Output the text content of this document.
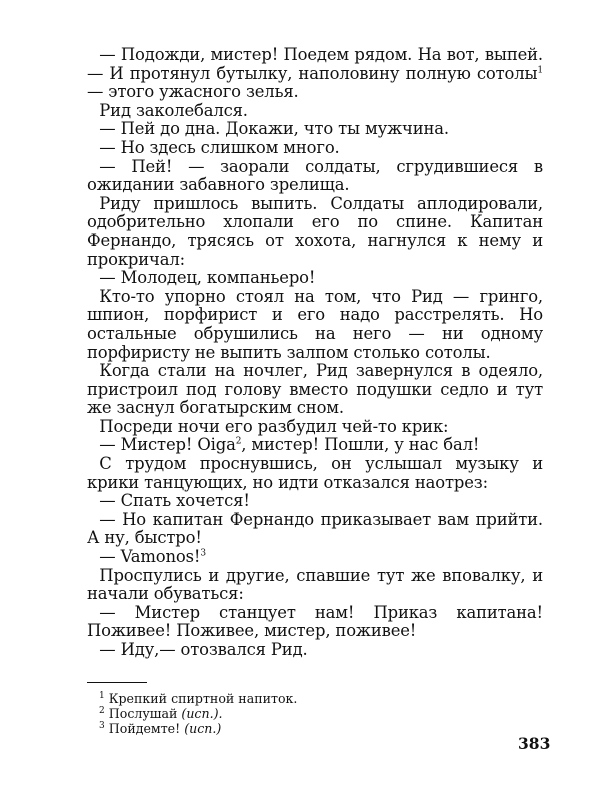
— Подожди, мистер! Поедем рядом. На вот, выпей.— И протянул бутылку, наполовину полную сотолы$^1$ — этого ужасного зелья.

Рид заколебался.

— Пей до дна. Докажи, что ты мужчина.

— Но здесь слишком много.

— Пей! — заорали солдаты, сгрудившиеся в ожидании забавного зрелища.

Риду пришлось выпить. Солдаты аплодировали, одобрительно хлопали его по спине. Капитан Фернандо, трясясь от хохота, нагнулся к нему и прокричал:

— Молодец, компаньеро!

Кто-то упорно стоял на том, что Рид — гринго, шпион, порфирист и его надо расстрелять. Но остальные обрушились на него — ни одному порфиристу не выпить залпом столько сотолы.

Когда стали на ночлег, Рид завернулся в одеяло, пристроил под голову вместо подушки седло и тут же заснул богатырским сном.

Посреди ночи его разбудил чей-то крик:

— Мистер! Oiga$^2$, мистер! Пошли, у нас бал!

С трудом проснувшись, он услышал музыку и крики танцующих, но идти отказался наотрез:

— Спать хочется!

— Но капитан Фернандо приказывает вам прийти. А ну, быстро!

— Vamonos!$^3$

Проспулись и другие, спавшие тут же вповалку, и начали обуваться:

— Мистер станцует нам! Приказ капитана! Поживее! Поживее, мистер, поживее!

— Иду,— отозвался Рид.

$^1$ Крепкий спиртной напиток.
$^2$ Послушай (исп.).
$^3$ Пойдемте! (исп.)
383
